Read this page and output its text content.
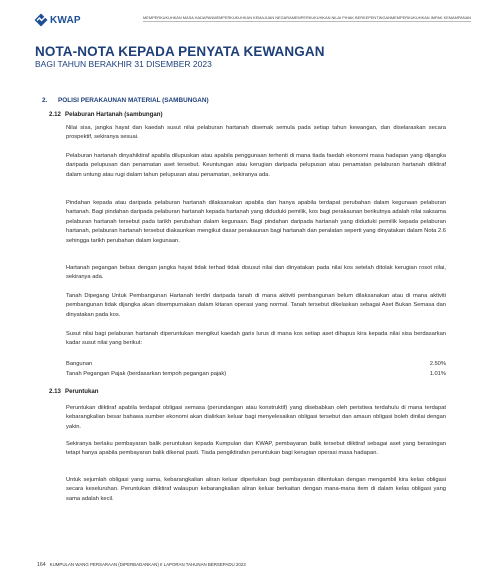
KWAP	MEMPERKUKUHKAN MASA HADAPAN MEMPERKUKUHKAN KEMAJUAN NEGARA MEMPERKUKUHKAN NILAI PIHAK BERKEPENTINGAN MEMPERKUKUHKAN IMPAK KEMAMPANAN
NOTA-NOTA KEPADA PENYATA KEWANGAN
BAGI TAHUN BERAKHIR 31 DISEMBER 2023
2. POLISI PERAKAUNAN MATERIAL (SAMBUNGAN)
2.12 Pelaburan Hartanah (sambungan)

Nilai sisa, jangka hayat dan kaedah susut nilai pelaburan hartanah disemak semula pada setiap tahun kewangan, dan diselaraskan secara prospektif, sekiranya sesuai.

Pelaburan hartanah dinyahiktiraf apabila dilupuskan atau apabila penggunaan terhenti di mana tiada faedah ekonomi masa hadapan yang dijangka daripada pelupusan dan penamatan aset tersebut. Keuntungan atau kerugian daripada pelupusan atau penamatan pelaburan hartanah diiktiraf dalam untung atau rugi dalam tahun pelupusan atau penamatan, sekiranya ada.

Pindahan kepada atau daripada pelaburan hartanah dilaksanakan apabila dan hanya apabila terdapat perubahan dalam kegunaan pelaburan hartanah. Bagi pindahan daripada pelaburan hartanah kepada hartanah yang diduduki pemilik, kos bagi perakaunan berikutnya adalah nilai saksama pelaburan hartanah tersebut pada tarikh perubahan dalam kegunaan. Bagi pindahan daripada hartanah yang diduduki pemilik kepada pelaburan hartanah, pelaburan hartanah tersebut diakaunkan mengikut dasar perakaunan bagi hartanah dan peralatan seperti yang dinyatakan dalam Nota 2.6 sehingga tarikh perubahan dalam kegunaan.

Hartanah pegangan bebas dengan jangka hayat tidak terhad tidak disusut nilai dan dinyatakan pada nilai kos setelah ditolak kerugian rosot nilai, sekiranya ada.

Tanah Dipegang Untuk Pembangunan Hartanah terdiri daripada tanah di mana aktiviti pembangunan belum dilaksanakan atau di mana aktiviti pembangunan tidak dijangka akan disempurnakan dalam kitaran operasi yang normal. Tanah tersebut dikelaskan sebagai Aset Bukan Semasa dan dinyatakan pada kos.

Susut nilai bagi pelaburan hartanah diperuntukan mengikut kaedah garis lurus di mana kos setiap aset dihapus kira kepada nilai sisa berdasarkan kadar susut nilai yang berikut:

Bangunan	2.50%
Tanah Pegangan Pajak (berdasarkan tempoh pegangan pajak)	1.01%
2.13 Peruntukan

Peruntukan diiktiraf apabila terdapat obligasi semasa (perundangan atau konstruktif) yang disebabkan oleh peristiwa terdahulu di mana terdapat kebarangkalian besar bahawa sumber ekonomi akan dialirkan keluar bagi menyelesaikan obligasi tersebut dan amaun obligasi boleh dinilai dengan yakin.

Sekiranya berlaku pembayaran balik peruntukan kepada Kumpulan dan KWAP, pembayaran balik tersebut diiktiraf sebagai aset yang berasingan tetapi hanya apabila pembayaran balik dikenal pasti. Tiada pengiktirafan peruntukan bagi kerugian operasi masa hadapan.

Untuk sejumlah obligasi yang sama, kebarangkalian aliran keluar diperlukan bagi pembayaran ditentukan dengan mengambil kira kelas obligasi secara keseluruhan. Peruntukan diiktiraf walaupun kebarangkalian aliran keluar berkaitan dengan mana-mana item di dalam kelas obligasi yang sama adalah kecil.

164 KUMPULAN WANG PERSARAAN (DIPERBADANKAN) II LAPORAN TAHUNAN BERSEPADU 2023
